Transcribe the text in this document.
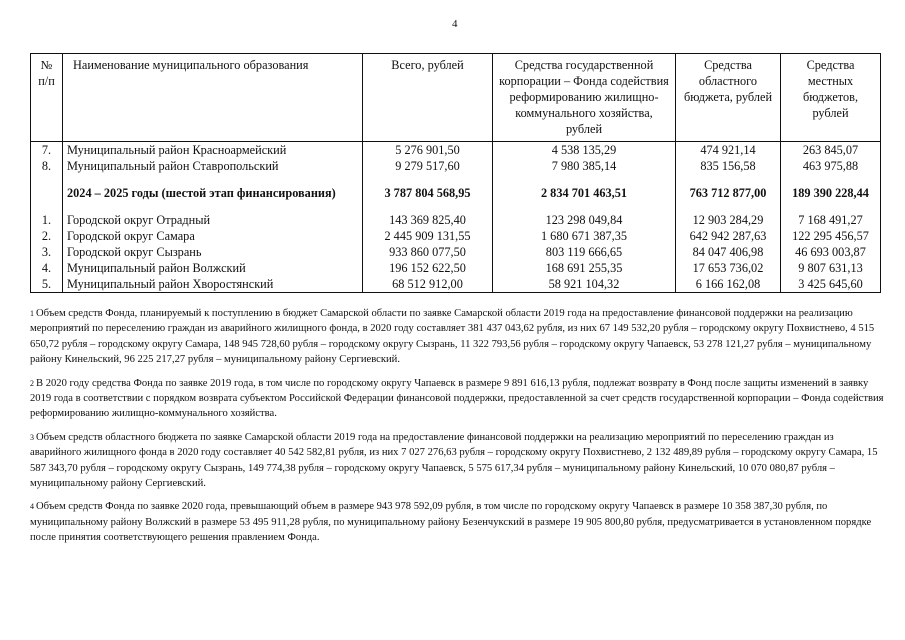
4
№ п/п	Наименование муниципального образования	Всего, рублей	Средства государственной корпорации – Фонда содействия реформированию жилищно-коммунального хозяйства, рублей	Средства областного бюджета, рублей	Средства местных бюджетов, рублей
7.	Муниципальный район Красноармейский	5 276 901,50	4 538 135,29	474 921,14	263 845,07
8.	Муниципальный район Ставропольский	9 279 517,60	7 980 385,14	835 156,58	463 975,88
	2024 – 2025 годы (шестой этап финансирования)	3 787 804 568,95	2 834 701 463,51	763 712 877,00	189 390 228,44
1.	Городской округ Отрадный	143 369 825,40	123 298 049,84	12 903 284,29	7 168 491,27
2.	Городской округ Самара	2 445 909 131,55	1 680 671 387,35	642 942 287,63	122 295 456,57
3.	Городской округ Сызрань	933 860 077,50	803 119 666,65	84 047 406,98	46 693 003,87
4.	Муниципальный район Волжский	196 152 622,50	168 691 255,35	17 653 736,02	9 807 631,13
5.	Муниципальный район Хворостянский	68 512 912,00	58 921 104,32	6 166 162,08	3 425 645,60

$^1$ Объем средств Фонда, планируемый к поступлению в бюджет Самарской области по заявке Самарской области 2019 года на предоставление финансовой поддержки на реализацию мероприятий по переселению граждан из аварийного жилищного фонда, в 2020 году составляет 381 437 043,62 рубля, из них 67 149 532,20 рубля – городскому округу Похвистнево, 4 515 650,72 рубля – городскому округу Самара, 148 945 728,60 рубля – городскому округу Сызрань, 11 322 793,56 рубля – городскому округу Чапаевск, 53 278 121,27 рубля – муниципальному району Кинельский, 96 225 217,27 рубля – муниципальному району Сергиевский.

$^2$ В 2020 году средства Фонда по заявке 2019 года, в том числе по городскому округу Чапаевск в размере 9 891 616,13 рубля, подлежат возврату в Фонд после защиты изменений в заявку 2019 года в соответствии с порядком возврата субъектом Российской Федерации финансовой поддержки, предоставленной за счет средств государственной корпорации – Фонда содействия реформированию жилищно-коммунального хозяйства.

$^3$ Объем средств областного бюджета по заявке Самарской области 2019 года на предоставление финансовой поддержки на реализацию мероприятий по переселению граждан из аварийного жилищного фонда в 2020 году составляет 40 542 582,81 рубля, из них 7 027 276,63 рубля – городскому округу Похвистнево, 2 132 489,89 рубля – городскому округу Самара, 15 587 343,70 рубля – городскому округу Сызрань, 149 774,38 рубля – городскому округу Чапаевск, 5 575 617,34 рубля – муниципальному району Кинельский, 10 070 080,87 рубля – муниципальному району Сергиевский.

$^4$ Объем средств Фонда по заявке 2020 года, превышающий объем в размере 943 978 592,09 рубля, в том числе по городскому округу Чапаевск в размере 10 358 387,30 рубля, по муниципальному району Волжский в размере 53 495 911,28 рубля, по муниципальному району Безенчукский в размере 19 905 800,80 рубля, предусматривается в установленном порядке после принятия соответствующего решения правлением Фонда.
